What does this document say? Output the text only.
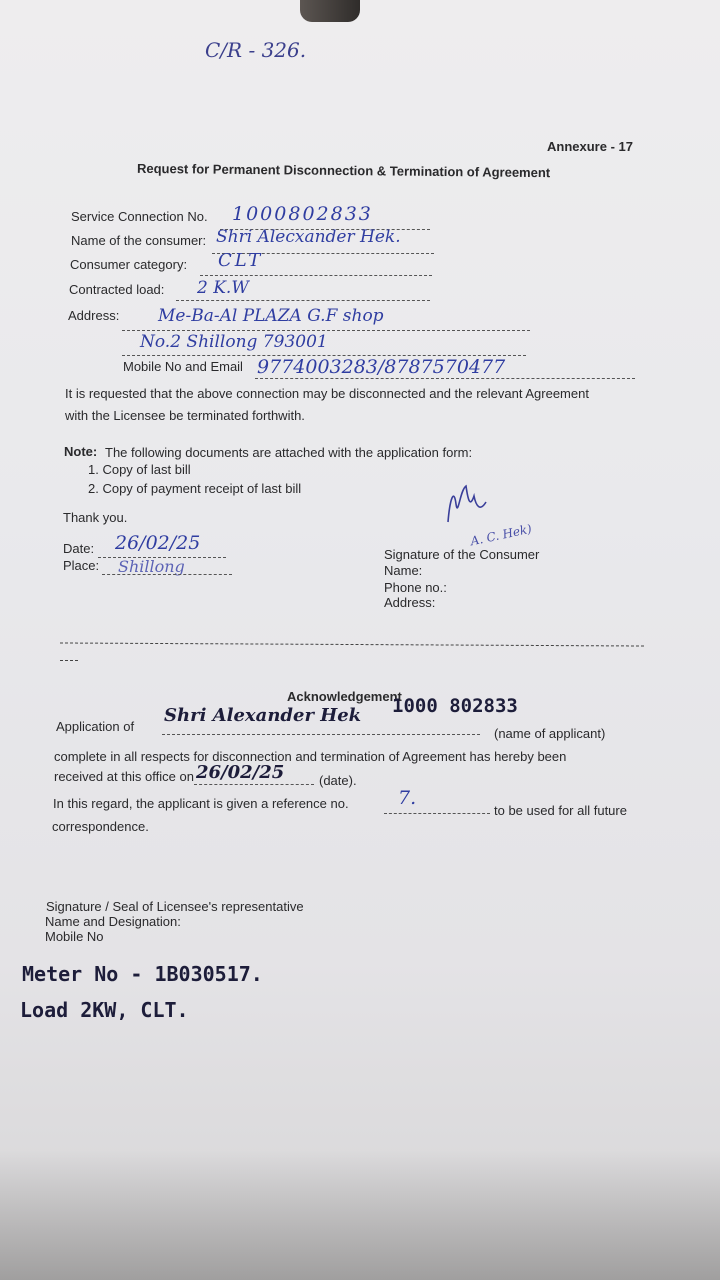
C/R - 326.
Annexure - 17
Request for Permanent Disconnection & Termination of Agreement
Service Connection No. 1000802833
Name of the consumer: Shri Alecxander Hek.
Consumer category: CLT
Contracted load: 2 K.W
Address: Me-Ba-Al PLAZA G.F shop
No.2 Shillong 793001
Mobile No and Email 9774003283/8787570477
It is requested that the above connection may be disconnected and the relevant Agreement
with the Licensee be terminated forthwith.
Note: The following documents are attached with the application form:
1. Copy of last bill
2. Copy of payment receipt of last bill
Thank you.
Date: 26/02/25
Place: Shillong
A. C. Hek)
Signature of the Consumer
Name:
Phone no.:
Address:
Acknowledgement
1000 802833
Application of
Shri Alexander Hek
(name of applicant)
complete in all respects for disconnection and termination of Agreement has hereby been
received at this office on 26/02/25	(date).
In this regard, the applicant is given a reference no.	7.
to be used for all future
correspondence.
Signature / Seal of Licensee's representative
Name and Designation:
Mobile No
Meter No - 1B030517.
Load 2KW, CLT.
